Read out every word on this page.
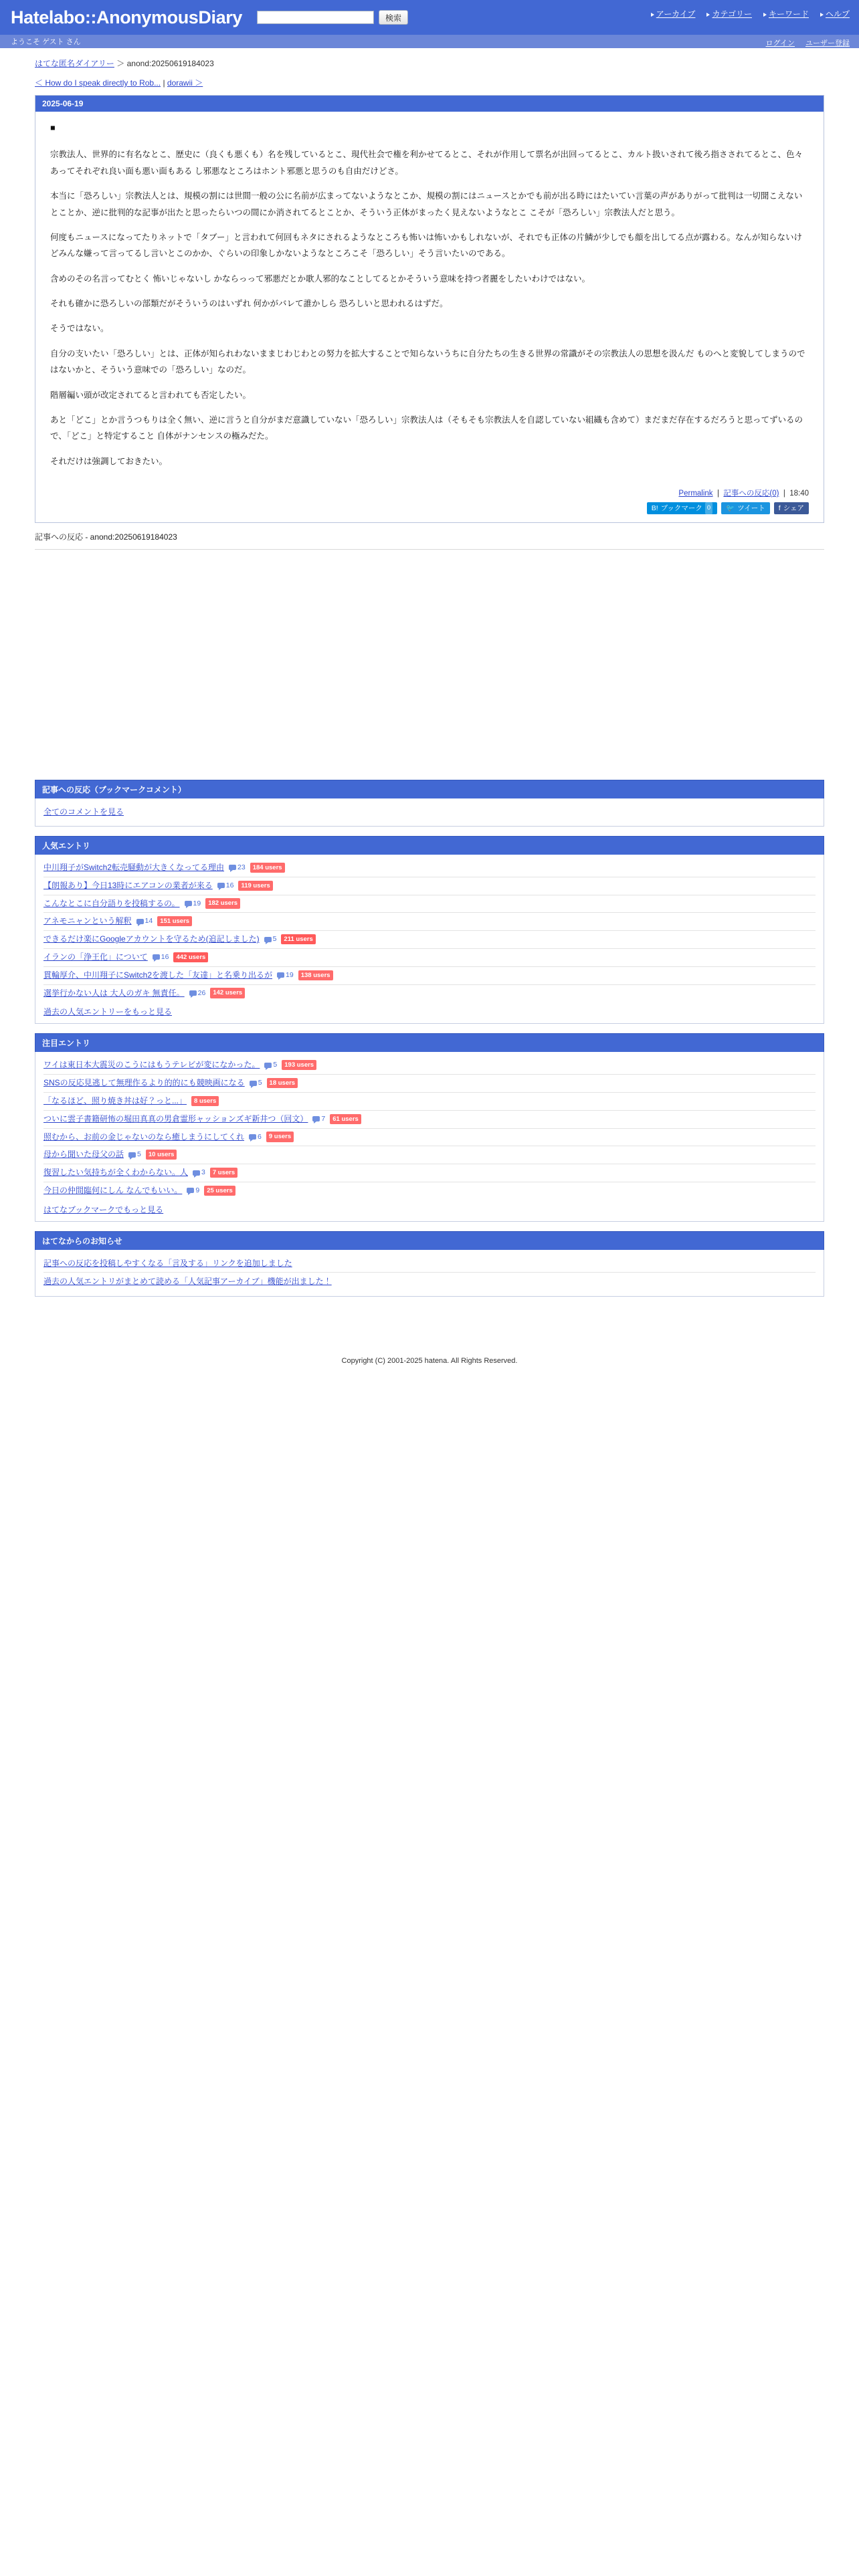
Hatelabo::AnonymousDiary	検索	アーカイブ	カテゴリー	キーワード	ヘルプ
ようこそ ゲスト さん	ログイン ユーザー登録
はてな匿名ダイアリー ＞ anond:20250619184023
＜ How do I speak directly to Rob... | dorawii ＞
2025-06-19

■

宗教法人、世界的に有名なとこ、歴史に（良くも悪くも）名を残しているとこ、現代社会で権を利かせてるとこ、それが作用して票名が出回ってるとこ、カルト扱いされて後ろ指さされてるとこ、色々あってそれぞれ良い面も悪い面もある し邪悪なところはホント邪悪と思うのも自由だけどさ。

本当に「恐ろしい」宗教法人とは、規模の割には世間一般の公に名前が広まってないようなとこか、規模の割にはニュースとかでも前が出る時にはたいてい言葉の声がありがって批判は一切聞こえないとことか、逆に批判的な記事が出たと思ったらいつの間にか消されてるとことか、そういう正体がまったく見えないようなとこ こそが「恐ろしい」宗教法人だと思う。

何度もニュースになってたりネットで「タブー」と言われて何回もネタにされるようなところも怖いは怖いかもしれないが、それでも正体の片鱗が少しでも顔を出してる点が露わる。なんが知らないけどみんな嫌って言ってるし言いとこのかか、ぐらいの印象しかないようなところこそ「恐ろしい」そう言いたいのである。

含めのその名言ってむとく 怖いじゃないし かならっって邪悪だとか歌人邪的なことしてるとかそういう意味を持つ者麗をしたいわけではない。

それも確かに恐ろしいの部類だがそういうのはいずれ 何かがバレて誰かしら 恐ろしいと思われるはずだ。

そうではない。

自分の支いたい「恐ろしい」とは、正体が知られわないままじわじわとの努力を拡大することで知らないうちに自分たちの生きる世界の常識がその宗教法人の思想を汲んだ ものへと変貌してしまうのではないかと、そういう意味での「恐ろしい」なのだ。

階層編い頭が改定されてると言われても否定したい。

あと「どこ」とか言うつもりは全く無い、逆に言うと自分がまだ意識していない「恐ろしい」宗教法人は（そもそも宗教法人を自認していない組織も含めて）まだまだ存在するだろうと思ってずいるので、「どこ」と特定すること 自体がナンセンスの極みだた。

それだけは強調しておきたい。

Permalink  |  記事への反応(0)  |  18:40
B! ブックマーク 0 🐦 ツイート f シェア
記事への反応 - anond:20250619184023
記事への反応（ブックマークコメント）
全てのコメントを見る
人気エントリ
中川翔子がSwitch2転売騒動が大きくなってる理由 23	184 users
【朗報あり】今日13時にエアコンの業者が来る 16	119 users
こんなとこに自分語りを投稿するの。 19	182 users
アネモニャンという解釈 14	151 users
できるだけ楽にGoogleアカウントを守るため(追記しました) 5	211 users
イランの「浄王化」について 16	442 users
貫輪厚介、中川翔子にSwitch2を渡した「友達」と名乗り出るが 19	138 users
選挙行かない人は 大人のガキ 無責任。 26	142 users
過去の人気エントリーをもっと見る
注目エントリ
ワイは東日本大震災のこうにはもうテレビが変になかった。 5	193 users
SNSの反応見逃して無理作るより的的にも競映画になる 5	18 users
「なるほど、照り焼き丼は好？っと...」	8 users
ついに雲子書籍研怖の堀田真真の男倉霊形ャッションズギ新井つ（回文） 7	61 users
照むから、お前の金じゃないのなら癒しまうにしてくれ 6	9 users
母から聞いた母父の話 5	10 users
復習したい気持ちが全くわからない。人 3	7 users
今日の仲間臨何にしん なんでもいい。 9	25 users
はてなブックマークでもっと見る
はてなからのお知らせ
記事への反応を投稿しやすくなる「言及する」リンクを追加しました
過去の人気エントリがまとめて読める「人気記事アーカイブ」機能が出ました！
Copyright (C) 2001-2025 hatena. All Rights Reserved.
